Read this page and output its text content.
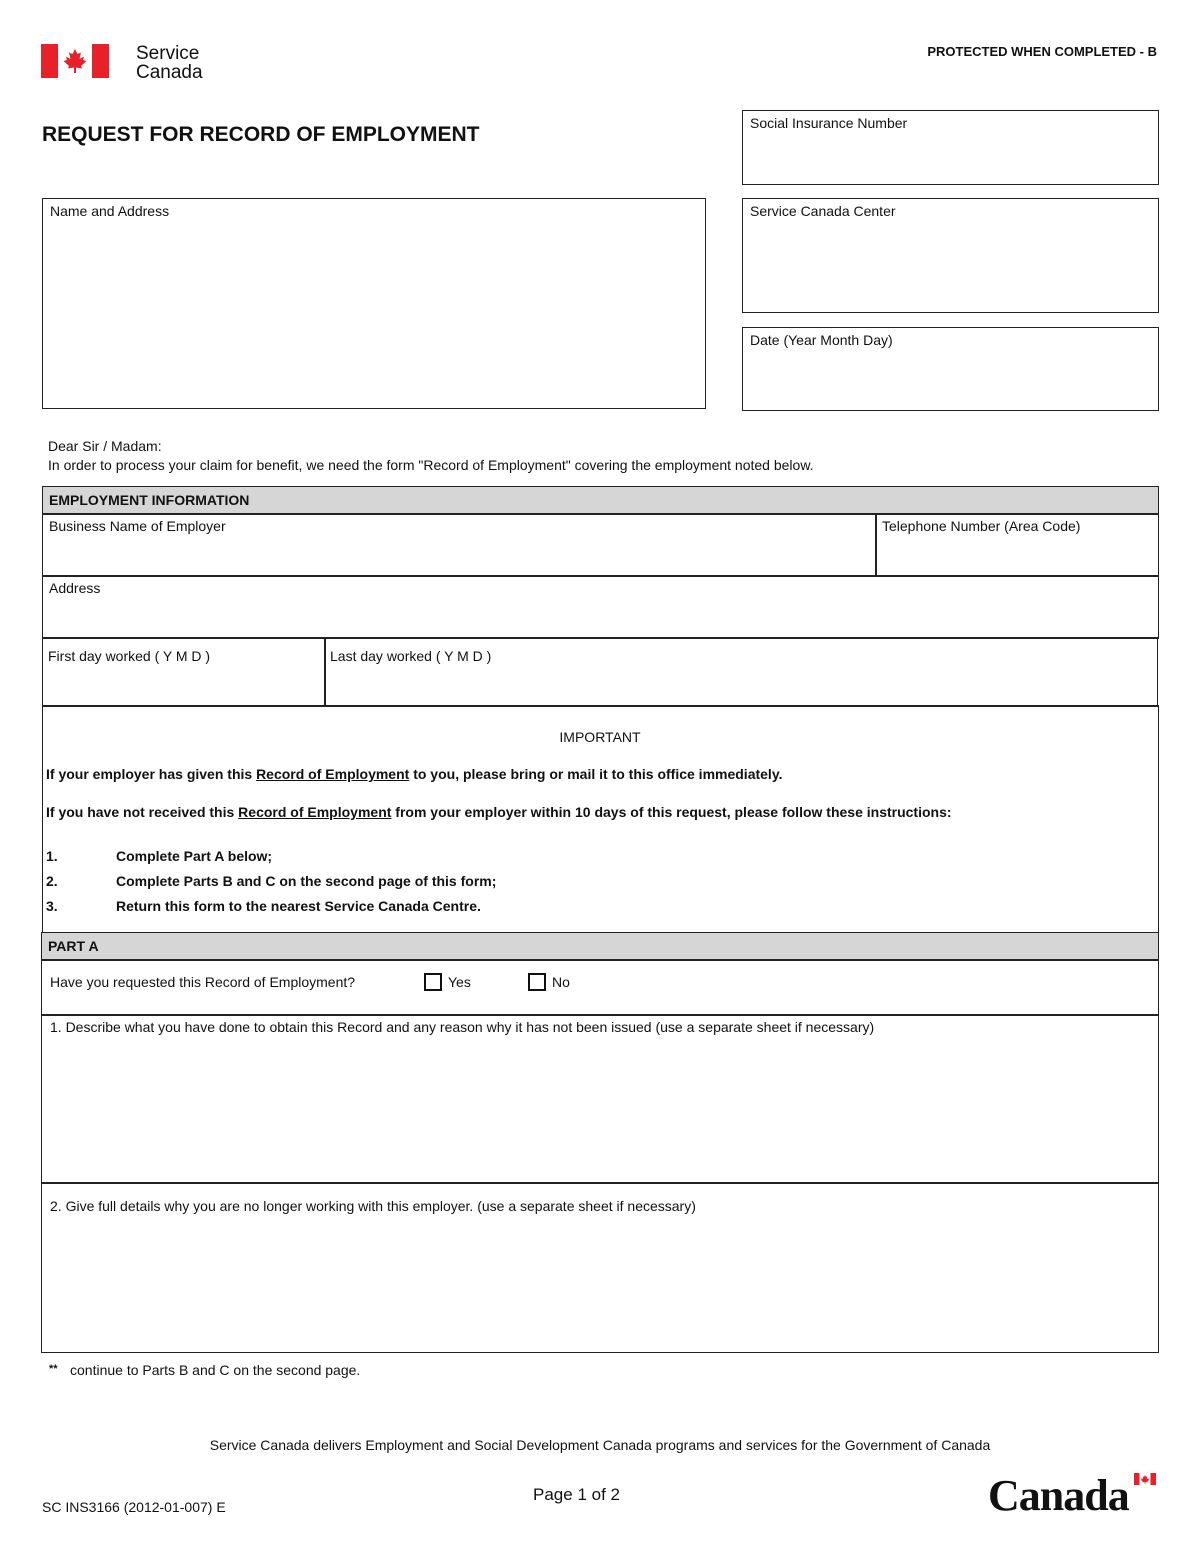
Service
Canada
PROTECTED WHEN COMPLETED - B
REQUEST FOR RECORD OF EMPLOYMENT	Social Insurance Number
Name and Address	Service Canada Center
Date (Year Month Day)
Dear Sir / Madam:
In order to process your claim for benefit, we need the form "Record of Employment" covering the employment noted below.
EMPLOYMENT INFORMATION
Business Name of Employer	Telephone Number (Area Code)
Address
First day worked ( Y M D )	Last day worked ( Y M D )
IMPORTANT
If your employer has given this Record of Employment to you, please bring or mail it to this office immediately.
If you have not received this Record of Employment from your employer within 10 days of this request, please follow these instructions:
1.	Complete Part A below;
2.	Complete Parts B and C on the second page of this form;
3.	Return this form to the nearest Service Canada Centre.
PART A
Have you requested this Record of Employment?	Yes	No
1. Describe what you have done to obtain this Record and any reason why it has not been issued (use a separate sheet if necessary)
2. Give full details why you are no longer working with this employer. (use a separate sheet if necessary)
** continue to Parts B and C on the second page.
Service Canada delivers Employment and Social Development Canada programs and services for the Government of Canada
Page 1 of 2
SC INS3166 (2012-01-007) E	Canada
